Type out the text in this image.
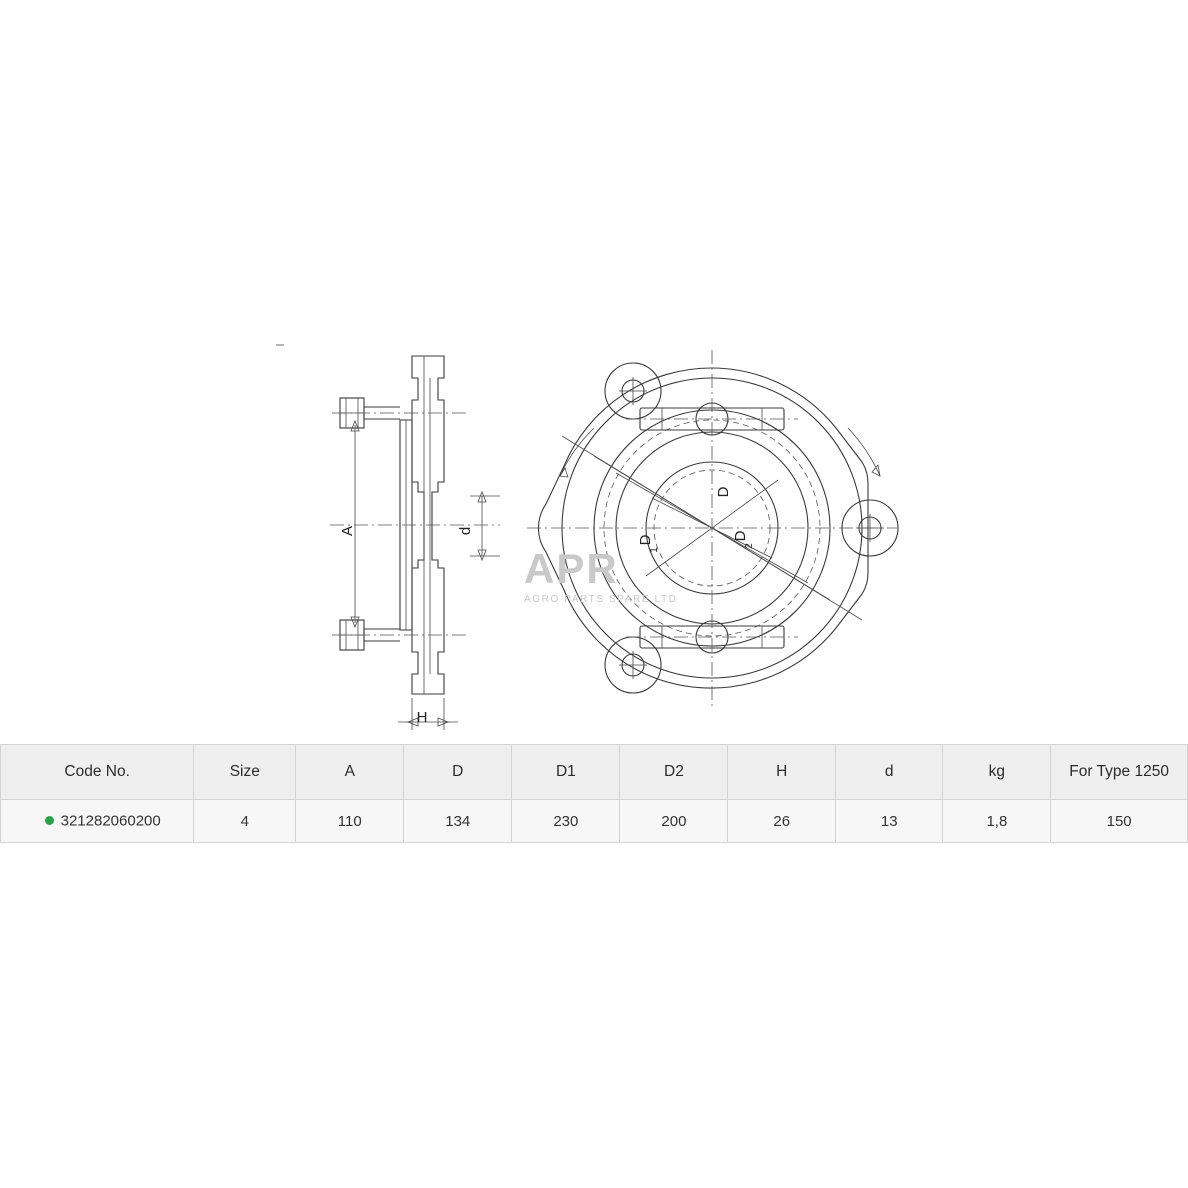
A	d
H
D
D
1
D
2
APR
AGRO PARTS SPARE LTD
Code No.	Size	A	D	D1	D2	H	d	kg	For Type 1250
321282060200	4	110	134	230	200	26	13	1,8	150
